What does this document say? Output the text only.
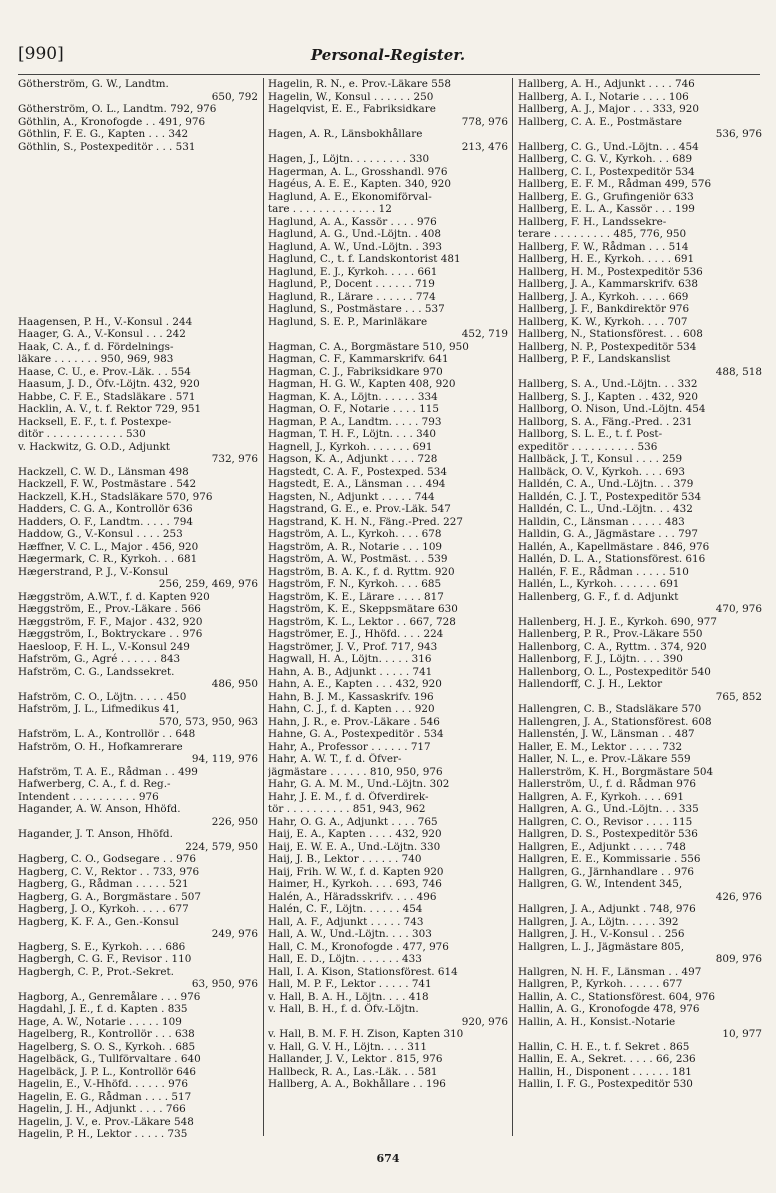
[990]	Personal-Register.
Götherström, G. W., Landtm.
650, 792
Götherström, O. L., Landtm. 792, 976
Göthlin, A., Kronofogde . . 491, 976
Göthlin, F. E. G., Kapten . . . 342
Göthlin, S., Postexpeditör . . . 531
Haagensen, P. H., V.-Konsul . 244
Haager, G. A., V.-Konsul . . . 242
Haak, C. A., f. d. Fördelnings-
läkare . . . . . . . 950, 969, 983
Haase, C. U., e. Prov.-Läk. . . 554
Haasum, J. D., Öfv.-Löjtn. 432, 920
Habbe, C. F. E., Stadsläkare . 571
Hacklin, A. V., t. f. Rektor 729, 951
Hacksell, E. F., t. f. Postexpe-
ditör . . . . . . . . . . . . 530
v. Hackwitz, G. O.D., Adjunkt
732, 976
Hackzell, C. W. D., Länsman 498
Hackzell, F. W., Postmästare . 542
Hackzell, K.H., Stadsläkare 570, 976
Hadders, C. G. A., Kontrollör 636
Hadders, O. F., Landtm. . . . . 794
Haddow, G., V.-Konsul . . . . 253
Hæffner, V. C. L., Major . 456, 920
Hægermark, C. R., Kyrkoh. . . 681
Hægerstrand, P. J., V.-Konsul
256, 259, 469, 976
Hæggström, A.W.T., f. d. Kapten 920
Hæggström, E., Prov.-Läkare . 566
Hæggström, F. F., Major . 432, 920
Hæggström, I., Boktryckare . . 976
Haesloop, F. H. L., V.-Konsul 249
Hafström, G., Agré . . . . . . 843
Hafström, C. G., Landssekret.
486, 950
Hafström, C. O., Löjtn. . . . . 450
Hafström, J. L., Lifmedikus 41,
570, 573, 950, 963
Hafström, L. A., Kontrollör . . 648
Hafström, O. H., Hofkamrerare
94, 119, 976
Hafström, T. A. E., Rådman . . 499
Hafwerberg, C. A., f. d. Reg.-
Intendent . . . . . . . . . . 976
Hagander, A. W. Anson, Hhöfd.
226, 950
Hagander, J. T. Anson, Hhöfd.
224, 579, 950
Hagberg, C. O., Godsegare . . 976
Hagberg, C. V., Rektor . . 733, 976
Hagberg, G., Rådman . . . . . 521
Hagberg, G. A., Borgmästare . 507
Hagberg, J. O., Kyrkoh. . . . . 677
Hagberg, K. F. A., Gen.-Konsul
249, 976
Hagberg, S. E., Kyrkoh. . . . 686
Hagbergh, C. G. F., Revisor . 110
Hagbergh, C. P., Prot.-Sekret.
63, 950, 976
Hagborg, A., Genremålare . . . 976
Hagdahl, J. E., f. d. Kapten . 835
Hage, A. W., Notarie . . . . . 109
Hagelberg, R., Kontrollör . . . 638
Hagelberg, S. O. S., Kyrkoh. . 685
Hagelbäck, G., Tullförvaltare . 640
Hagelbäck, J. P. L., Kontrollör 646
Hagelin, E., V.-Hhöfd. . . . . . 976
Hagelin, E. G., Rådman . . . . 517
Hagelin, J. H., Adjunkt . . . . 766
Hagelin, J. V., e. Prov.-Läkare 548
Hagelin, P. H., Lektor . . . . . 735
Hagelin, R. N., e. Prov.-Läkare 558
Hagelin, W., Konsul . . . . . . 250
Hagelqvist, E. E., Fabriksidkare
778, 976
Hagen, A. R., Länsbokhållare
213, 476
Hagen, J., Löjtn. . . . . . . . . 330
Hagerman, A. L., Grosshandl. 976
Hagéus, A. E. E., Kapten. 340, 920
Haglund, A. E., Ekonomiförval-
tare . . . . . . . . . . . . . 12
Haglund, A. A., Kassör . . . . 976
Haglund, A. G., Und.-Löjtn. . 408
Haglund, A. W., Und.-Löjtn. . 393
Haglund, C., t. f. Landskontorist 481
Haglund, E. J., Kyrkoh. . . . . 661
Haglund, P., Docent . . . . . . 719
Haglund, R., Lärare . . . . . . 774
Haglund, S., Postmästare . . . 537
Haglund, S. E. P., Marinläkare
452, 719
Hagman, C. A., Borgmästare 510, 950
Hagman, C. F., Kammarskrifv. 641
Hagman, C. J., Fabriksidkare 970
Hagman, H. G. W., Kapten 408, 920
Hagman, K. A., Löjtn. . . . . . 334
Hagman, O. F., Notarie . . . . 115
Hagman, P. A., Landtm. . . . . 793
Hagman, T. H. F., Löjtn. . . . 340
Hagnell, J., Kyrkoh. . . . . . . 691
Hagson, K. A., Adjunkt . . . . 728
Hagstedt, C. A. F., Postexped. 534
Hagstedt, E. A., Länsman . . . 494
Hagsten, N., Adjunkt . . . . . 744
Hagstrand, G. E., e. Prov.-Läk. 547
Hagstrand, K. H. N., Fäng.-Pred. 227
Hagström, A. L., Kyrkoh. . . . 678
Hagström, A. R., Notarie . . . 109
Hagström, A. W., Postmäst. . . 539
Hagström, B. A. K., f. d. Ryttm. 920
Hagström, F. N., Kyrkoh. . . . 685
Hagström, K. E., Lärare . . . . 817
Hagström, K. E., Skeppsmätare 630
Hagström, K. L., Lektor . . 667, 728
Hagströmer, E. J., Hhöfd. . . . 224
Hagströmer, J. V., Prof. 717, 943
Hagwall, H. A., Löjtn. . . . . 316
Hahn, A. B., Adjunkt . . . . . 741
Hahn, A. E., Kapten . . . 432, 920
Hahn, B. J. M., Kassaskrifv. 196
Hahn, C. J., f. d. Kapten . . . 920
Hahn, J. R., e. Prov.-Läkare . 546
Hahne, G. A., Postexpeditör . 534
Hahr, A., Professor . . . . . . 717
Hahr, A. W. T., f. d. Öfver-
jägmästare . . . . . . 810, 950, 976
Hahr, G. A. M. M., Und.-Löjtn. 302
Hahr, J. E. M., f. d. Öfverdirek-
tör . . . . . . . . . . 851, 943, 962
Hahr, O. G. A., Adjunkt . . . . 765
Haij, E. A., Kapten . . . . 432, 920
Haij, E. W. E. A., Und.-Löjtn. 330
Haij, J. B., Lektor . . . . . . 740
Haij, Frih. W. W., f. d. Kapten 920
Haimer, H., Kyrkoh. . . . 693, 746
Halén, A., Häradsskrifv. . . . 496
Halén, C. F., Löjtn. . . . . . 454
Hall, A. F., Adjunkt . . . . . 743
Hall, A. W., Und.-Löjtn. . . . 303
Hall, C. M., Kronofogde . 477, 976
Hall, E. D., Löjtn. . . . . . . 433
Hall, I. A. Kison, Stationsförest. 614
Hall, M. P. F., Lektor . . . . . 741
v. Hall, B. A. H., Löjtn. . . . 418
v. Hall, B. H., f. d. Öfv.-Löjtn.
920, 976
v. Hall, B. M. F. H. Zison, Kapten 310
v. Hall, G. V. H., Löjtn. . . . 311
Hallander, J. V., Lektor . 815, 976
Hallbeck, R. A., Las.-Läk. . . 581
Hallberg, A. A., Bokhållare . . 196
Hallberg, A. H., Adjunkt . . . . 746
Hallberg, A. I., Notarie . . . . 106
Hallberg, A. J., Major . . . 333, 920
Hallberg, C. A. E., Postmästare
536, 976
Hallberg, C. G., Und.-Löjtn. . . 454
Hallberg, C. G. V., Kyrkoh. . . 689
Hallberg, C. I., Postexpeditör 534
Hallberg, E. F. M., Rådman 499, 576
Hallberg, E. G., Grufingeniör 633
Hallberg, E. L. A., Kassör . . . 199
Hallberg, F. H., Landssekre-
terare . . . . . . . . . 485, 776, 950
Hallberg, F. W., Rådman . . . 514
Hallberg, H. E., Kyrkoh. . . . . 691
Hallberg, H. M., Postexpeditör 536
Hallberg, J. A., Kammarskrifv. 638
Hallberg, J. A., Kyrkoh. . . . . 669
Hallberg, J. F., Bankdirektör 976
Hallberg, K. W., Kyrkoh. . . . 707
Hallberg, N., Stationsförest. . . 608
Hallberg, N. P., Postexpeditör 534
Hallberg, P. F., Landskanslist
488, 518
Hallberg, S. A., Und.-Löjtn. . . 332
Hallberg, S. J., Kapten . . 432, 920
Hallborg, O. Nison, Und.-Löjtn. 454
Hallborg, S. A., Fäng.-Pred. . 231
Hallborg, S. L. E., t. f. Post-
expeditör . . . . . . . . . . 536
Hallbäck, J. T., Konsul . . . . 259
Hallbäck, O. V., Kyrkoh. . . . 693
Halldén, C. A., Und.-Löjtn. . . 379
Halldén, C. J. T., Postexpeditör 534
Halldén, C. L., Und.-Löjtn. . . 432
Halldin, C., Länsman . . . . . 483
Halldin, G. A., Jägmästare . . . 797
Hallén, A., Kapellmästare . 846, 976
Hallén, D. L. A., Stationsförest. 616
Hallén, F. E., Rådman . . . . . 510
Hallén, L., Kyrkoh. . . . . . . 691
Hallenberg, G. F., f. d. Adjunkt
470, 976
Hallenberg, H. J. E., Kyrkoh. 690, 977
Hallenberg, P. R., Prov.-Läkare 550
Hallenborg, C. A., Ryttm. . 374, 920
Hallenborg, F. J., Löjtn. . . . 390
Hallenborg, O. L., Postexpeditör 540
Hallendorff, C. J. H., Lektor
765, 852
Hallengren, C. B., Stadsläkare 570
Hallengren, J. A., Stationsförest. 608
Hallenstén, J. W., Länsman . . 487
Haller, E. M., Lektor . . . . . 732
Haller, N. L., e. Prov.-Läkare 559
Hallerström, K. H., Borgmästare 504
Hallerström, U., f. d. Rådman 976
Hallgren, A. F., Kyrkoh. . . . 691
Hallgren, A. G., Und.-Löjtn. . . 335
Hallgren, C. O., Revisor . . . . 115
Hallgren, D. S., Postexpeditör 536
Hallgren, E., Adjunkt . . . . . 748
Hallgren, E. E., Kommissarie . 556
Hallgren, G., Järnhandlare . . 976
Hallgren, G. W., Intendent 345,
426, 976
Hallgren, J. A., Adjunkt . 748, 976
Hallgren, J. A., Löjtn. . . . . 392
Hallgren, J. H., V.-Konsul . . 256
Hallgren, L. J., Jägmästare 805,
809, 976
Hallgren, N. H. F., Länsman . . 497
Hallgren, P., Kyrkoh. . . . . . 677
Hallin, A. C., Stationsförest. 604, 976
Hallin, A. G., Kronofogde 478, 976
Hallin, A. H., Konsist.-Notarie
10, 977
Hallin, C. H. E., t. f. Sekret . 865
Hallin, E. A., Sekret. . . . . 66, 236
Hallin, H., Disponent . . . . . . 181
Hallin, I. F. G., Postexpeditör 530
674
